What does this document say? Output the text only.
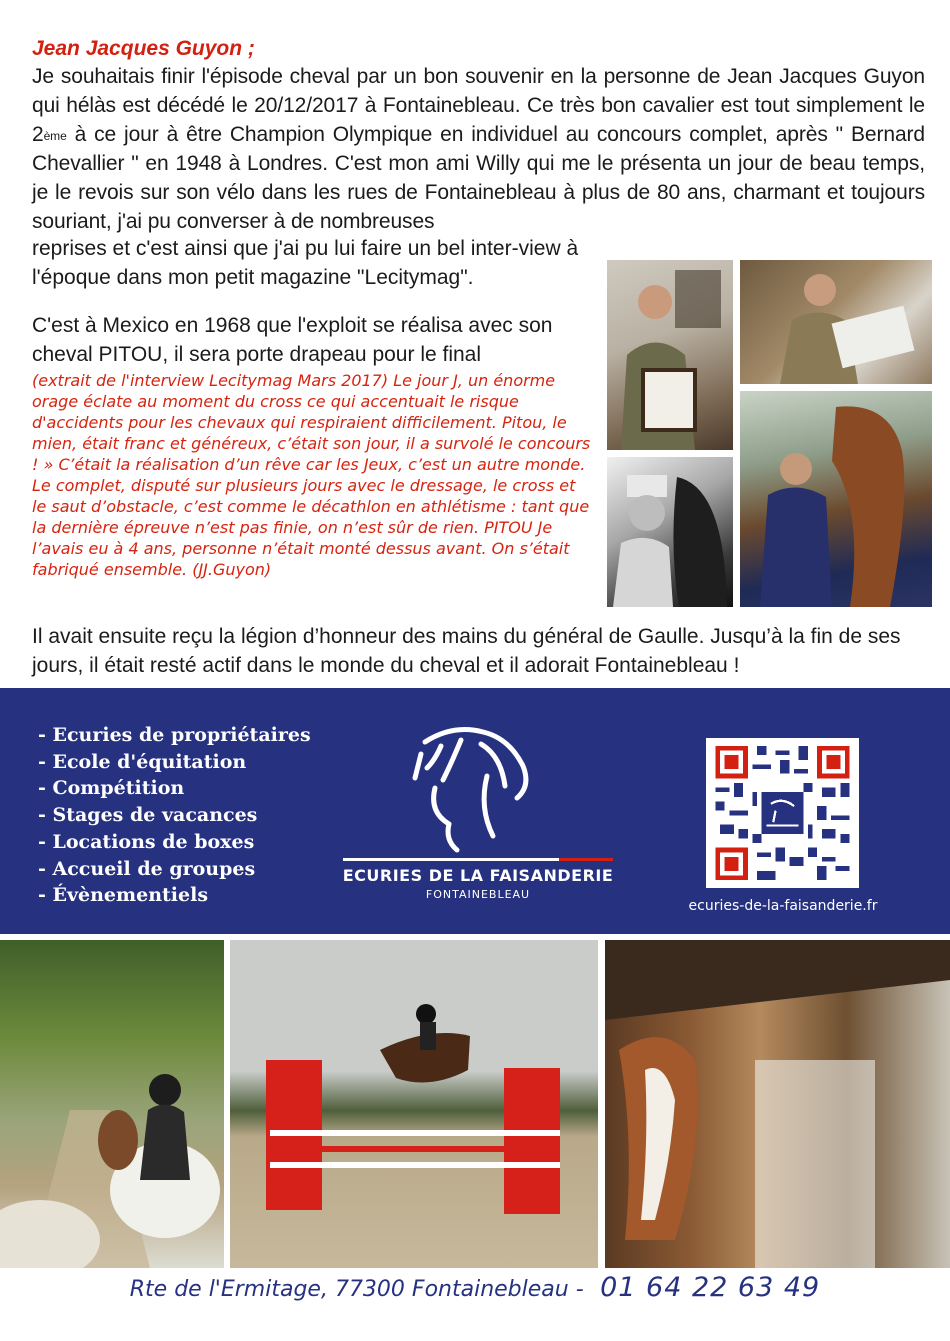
Jean Jacques Guyon ;

Je souhaitais finir l'épisode cheval par un bon souvenir en la personne de Jean Jacques Guyon qui hélàs est décédé le 20/12/2017 à Fontainebleau. Ce très bon cavalier est tout simplement le 2ème à ce jour à être Champion Olympique en individuel au concours complet, après " Bernard Chevallier " en 1948 à Londres. C'est mon ami Willy qui me le présenta un jour de beau temps, je le revois sur son vélo dans les rues de Fontainebleau à plus de 80 ans, charmant et toujours souriant, j'ai pu converser à de nombreuses

reprises et c'est ainsi que j'ai pu lui faire un bel inter-view à l'époque dans mon petit magazine "Lecitymag".

C'est à Mexico en 1968 que l'exploit se réalisa avec son cheval PITOU, il sera porte drapeau pour le final

(extrait de l'interview Lecitymag Mars 2017) Le jour J, un énorme orage éclate au moment du cross ce qui accentuait le risque d'accidents pour les chevaux qui respiraient difficilement. Pitou, le mien, était franc et généreux, c’était son jour, il a survolé le concours ! » C’était la réalisation d’un rêve car les Jeux, c’est un autre monde. Le complet, disputé sur plusieurs jours avec le dressage, le cross et le saut d’obstacle, c’est comme le décathlon en athlétisme : tant que la dernière épreuve n’est pas finie, on n’est sûr de rien. PITOU Je l’avais eu à 4 ans, personne n’était monté dessus avant. On s’était fabriqué ensemble. (JJ.Guyon)

Il avait ensuite reçu la légion d’honneur des mains du général de Gaulle. Jusqu’à la fin de ses jours, il était resté actif dans le monde du cheval et il adorait Fontainebleau !

- Ecuries de propriétaires
- Ecole d'équitation
- Compétition
- Stages de vacances
- Locations de boxes
- Accueil de groupes
- Évènementiels
ECURIES DE LA FAISANDERIE
FONTAINEBLEAU
ecuries-de-la-faisanderie.fr
Rte de l'Ermitage, 77300 Fontainebleau - 01 64 22 63 49
